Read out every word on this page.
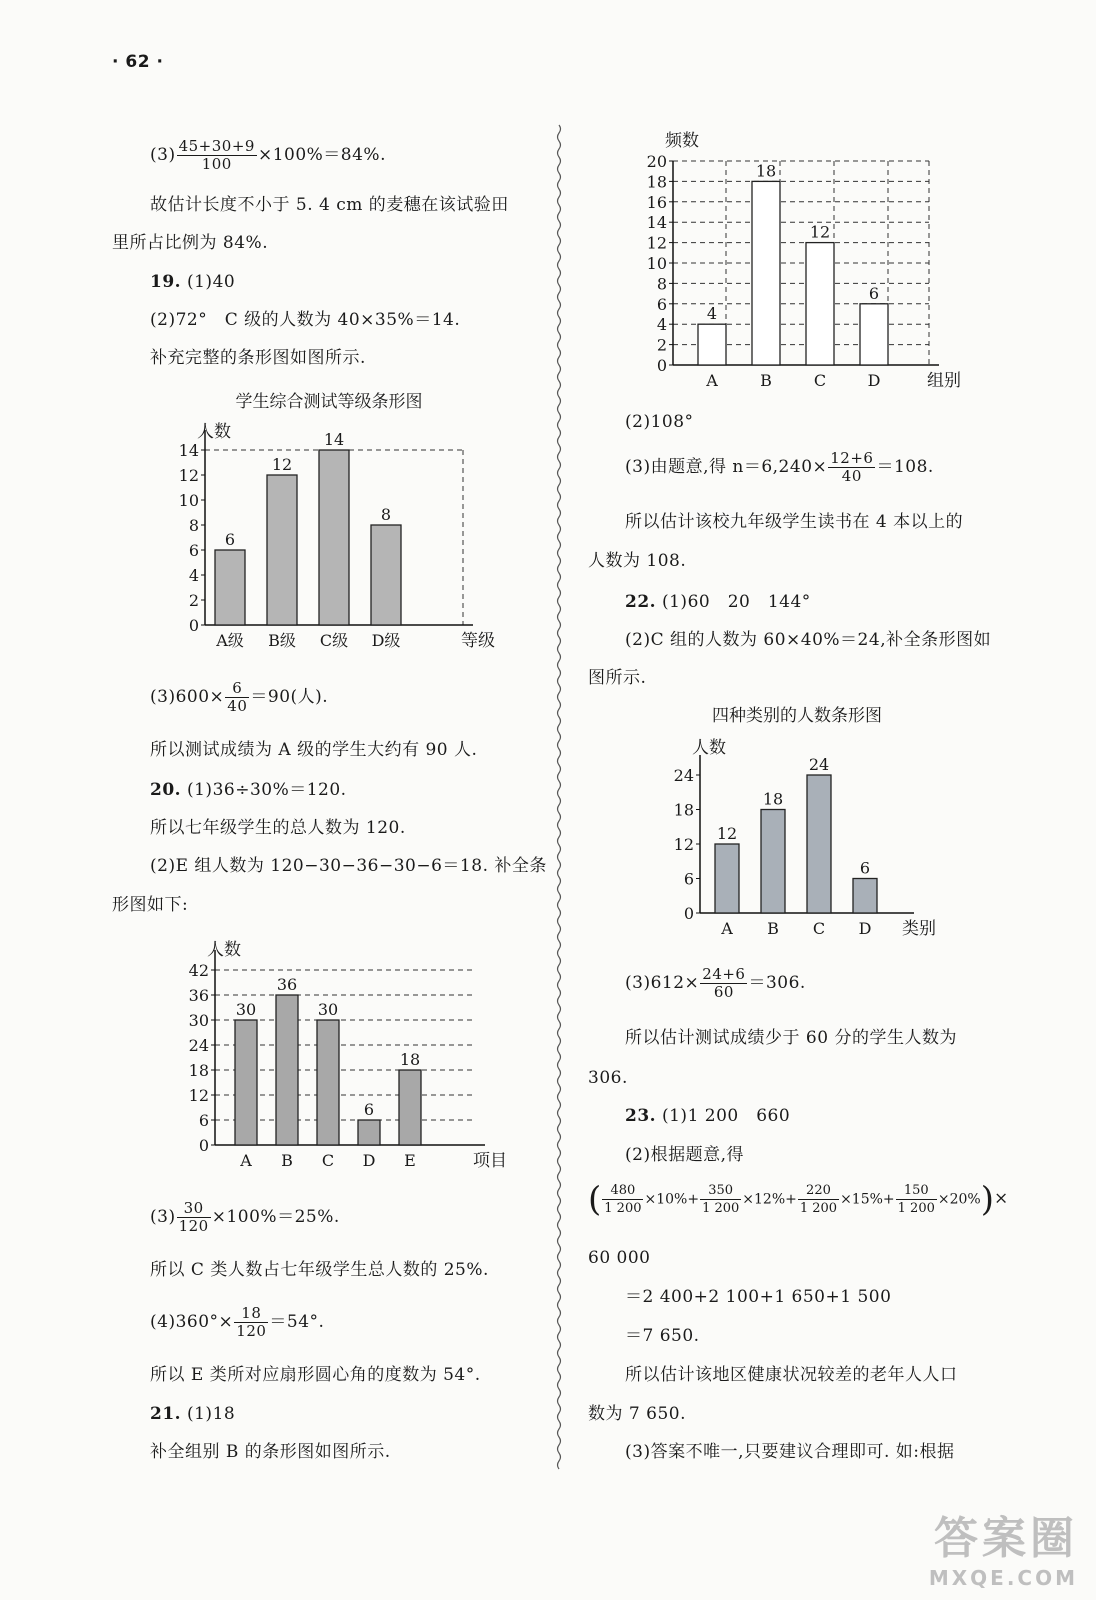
· 62 ·
$(3) \frac{45+30+9}{100} \times 100\%=84\%$.
故估计长度不小于 5. 4 cm 的麦穗在该试验田
里所占比例为 84%.
19. (1)40
(2)72°　C 级的人数为 40×35%＝14.
补充完整的条形图如图所示.
学生综合测试等级条形图
人数
0
2
4
6
8
10
12
14
6
A级
12
B级
14
C级
8
D级	等级
$(3)600\times \frac{6}{40} =90$(人).
所以测试成绩为 A 级的学生大约有 90 人.
20. (1)36÷30%＝120.
所以七年级学生的总人数为 120.
(2)E 组人数为 120−30−36−30−6＝18. 补全条
形图如下:
人数
0
6
12
18
24
30
36
42
30
A
36
B
30
C
6
D
18
E	项目
$(3) \frac{30}{120} \times 100\%=25\%$.
所以 C 类人数占七年级学生总人数的 25%.
$(4)360^\circ\times \frac{18}{120} =54^\circ$.
所以 E 类所对应扇形圆心角的度数为 54°.
21. (1)18
补全组别 B 的条形图如图所示.
频数
0
2
4
6
8
10
12
14
16
18
20
4
A
18
B
12
C
6
D	组别
(2)108°
(3)由题意,得 $n=6,240\times \frac{12+6}{40} =108$.
所以估计该校九年级学生读书在 4 本以上的
人数为 108.
22. (1)60　20　144°
(2)C 组的人数为 60×40%＝24,补全条形图如
图所示.
四种类别的人数条形图
人数
0
6
12
18
24
12
A
18
B
24
C
6
D 类别
$(3)612\times \frac{24+6}{60} =306$.
所以估计测试成绩少于 60 分的学生人数为
306.
23. (1)1 200　660
(2)根据题意,得
( $\frac{480}{1 200} \times 10\%+ \frac{350}{1 200} \times 12\%+ \frac{220}{1 200} \times 15\%+ \frac{150}{1 200} \times 20\%)\times$
60 000
＝2 400+2 100+1 650+1 500
＝7 650.
所以估计该地区健康状况较差的老年人人口
数为 7 650.
(3)答案不唯一,只要建议合理即可. 如:根据
答案圈
MXQE.COM
